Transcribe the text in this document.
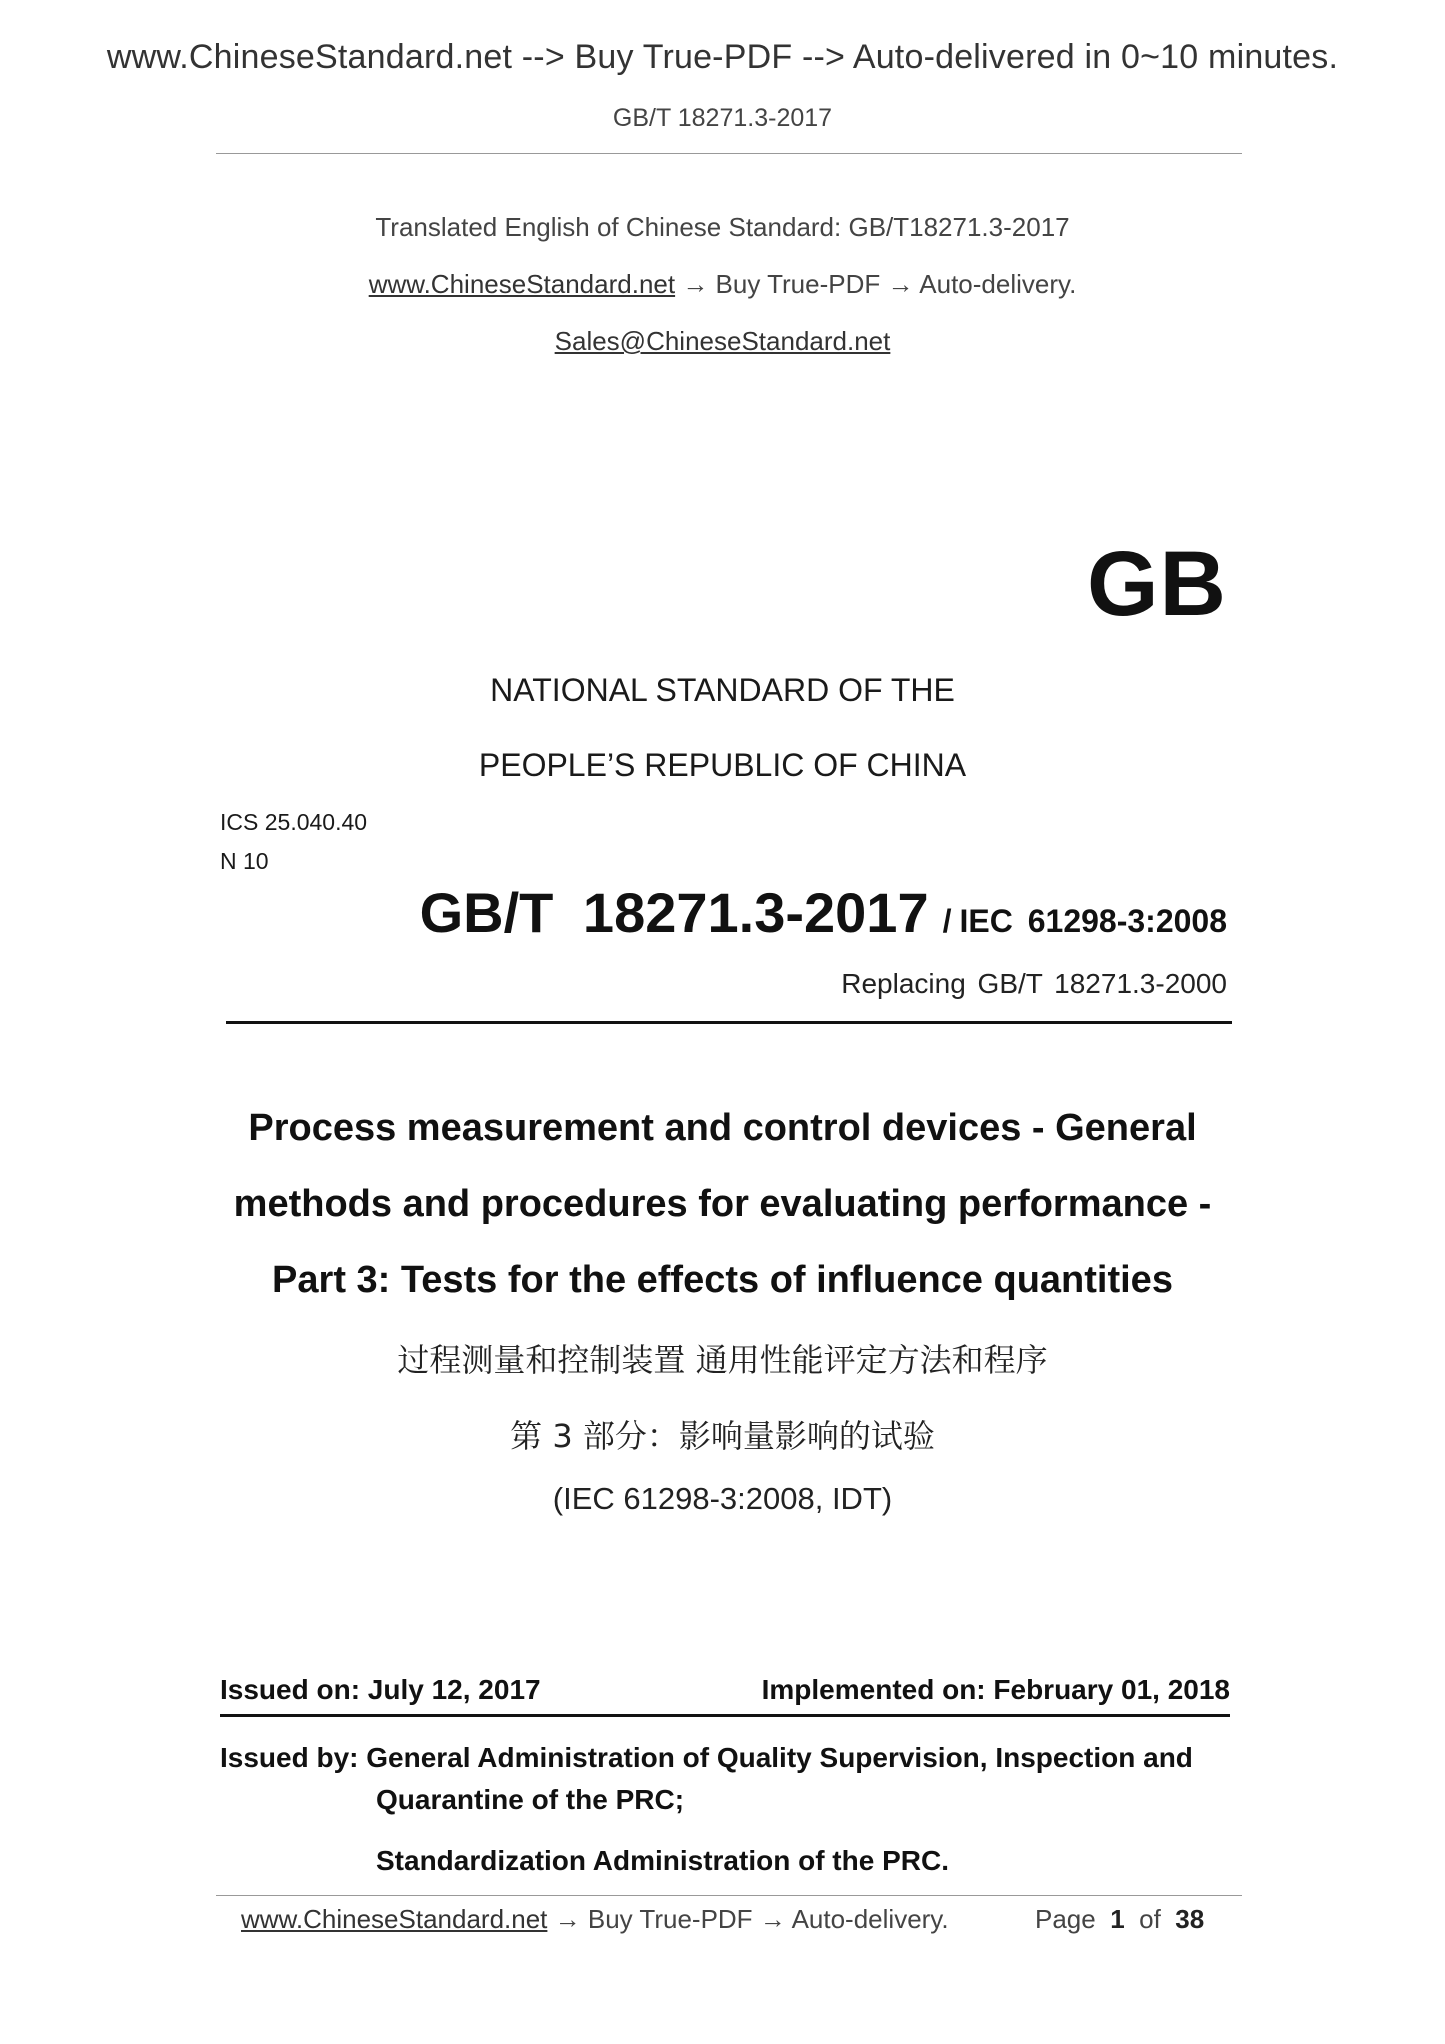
www.ChineseStandard.net --> Buy True-PDF --> Auto-delivered in 0~10 minutes.
GB/T 18271.3-2017
Translated English of Chinese Standard: GB/T18271.3-2017
www.ChineseStandard.net → Buy True-PDF → Auto-delivery.
Sales@ChineseStandard.net
GB
NATIONAL STANDARD OF THE
PEOPLE’S REPUBLIC OF CHINA
ICS 25.040.40
N 10
GB/T 18271.3-2017 / IEC 61298-3:2008
Replacing GB/T 18271.3-2000
Process measurement and control devices - General
methods and procedures for evaluating performance -
Part 3: Tests for the effects of influence quantities
过程测量和控制装置 通用性能评定方法和程序
第 3 部分：影响量影响的试验
(IEC 61298-3:2008, IDT)
Issued on: July 12, 2017	Implemented on: February 01, 2018
Issued by: General Administration of Quality Supervision, Inspection and
Quarantine of the PRC;
Standardization Administration of the PRC.
www.ChineseStandard.net → Buy True-PDF → Auto-delivery.	Page 1 of 38
